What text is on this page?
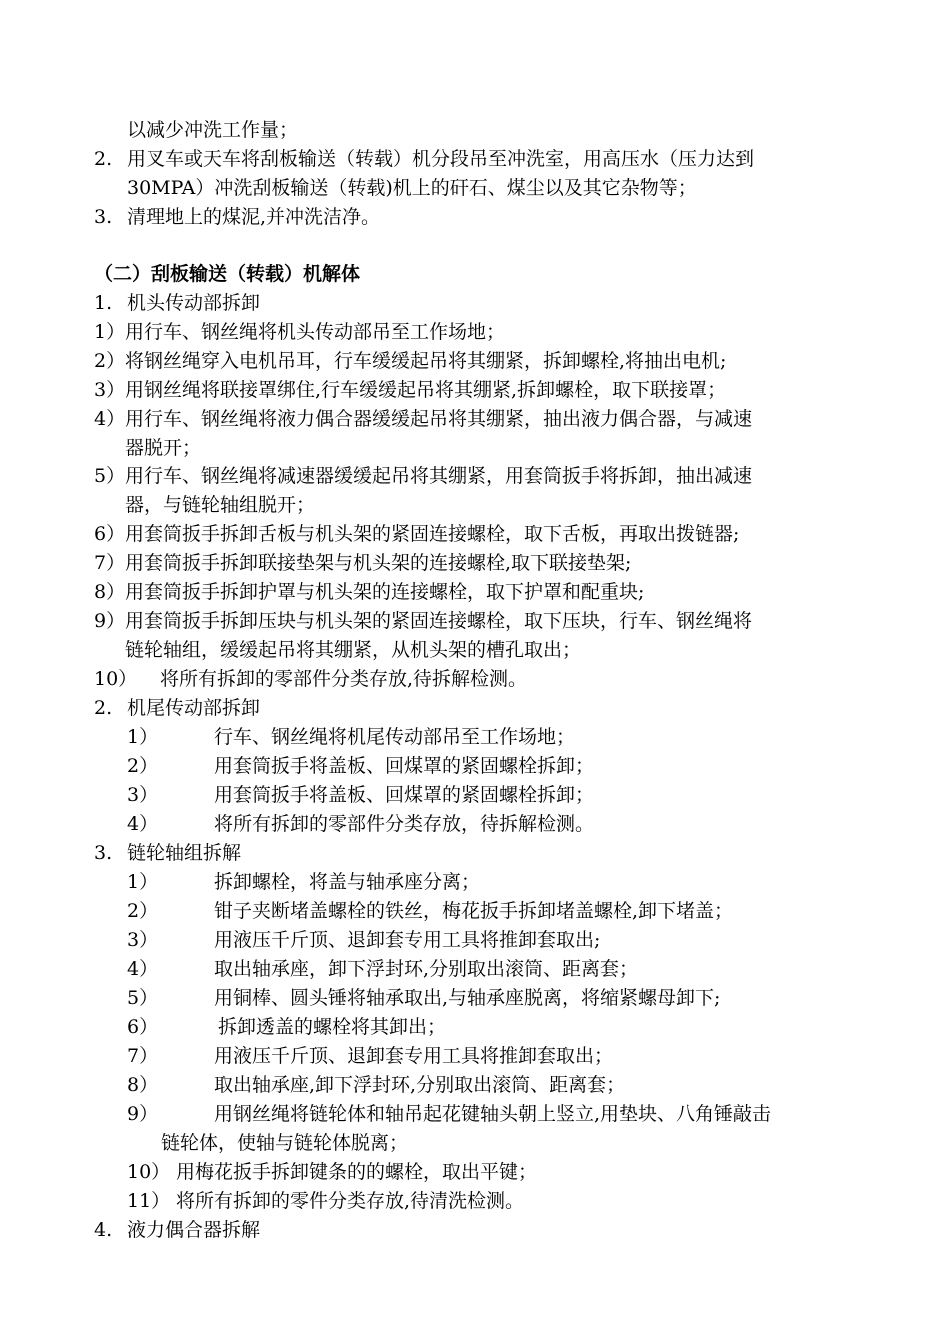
以减少冲洗工作量；
2. 用叉车或天车将刮板输送（转载）机分段吊至冲洗室，用高压水（压力达到
30MPA）冲洗刮板输送（转载)机上的矸石、煤尘以及其它杂物等；
3. 清理地上的煤泥,并冲洗洁净。
（二）刮板输送（转载）机解体
1. 机头传动部拆卸
1） 用行车、钢丝绳将机头传动部吊至工作场地；
2） 将钢丝绳穿入电机吊耳，行车缓缓起吊将其绷紧，拆卸螺栓,将抽出电机;
3） 用钢丝绳将联接罩绑住,行车缓缓起吊将其绷紧,拆卸螺栓，取下联接罩；
4） 用行车、钢丝绳将液力偶合器缓缓起吊将其绷紧，抽出液力偶合器，与减速
器脱开；
5） 用行车、钢丝绳将减速器缓缓起吊将其绷紧，用套筒扳手将拆卸，抽出减速
器，与链轮轴组脱开；
6） 用套筒扳手拆卸舌板与机头架的紧固连接螺栓，取下舌板，再取出拨链器;
7） 用套筒扳手拆卸联接垫架与机头架的连接螺栓,取下联接垫架;
8） 用套筒扳手拆卸护罩与机头架的连接螺栓，取下护罩和配重块;
9） 用套筒扳手拆卸压块与机头架的紧固连接螺栓，取下压块，行车、钢丝绳将
链轮轴组，缓缓起吊将其绷紧，从机头架的槽孔取出；
10） 将所有拆卸的零部件分类存放,待拆解检测。
2. 机尾传动部拆卸
1）	行车、钢丝绳将机尾传动部吊至工作场地；
2）	用套筒扳手将盖板、回煤罩的紧固螺栓拆卸；
3）	用套筒扳手将盖板、回煤罩的紧固螺栓拆卸；
4）	将所有拆卸的零部件分类存放，待拆解检测。
3. 链轮轴组拆解
1）	拆卸螺栓，将盖与轴承座分离；
2）	钳子夹断堵盖螺栓的铁丝，梅花扳手拆卸堵盖螺栓,卸下堵盖；
3）	用液压千斤顶、退卸套专用工具将推卸套取出;
4）	取出轴承座，卸下浮封环,分别取出滚筒、距离套；
5）	用铜棒、圆头锤将轴承取出,与轴承座脱离，将缩紧螺母卸下;
6）	拆卸透盖的螺栓将其卸出；
7）	用液压千斤顶、退卸套专用工具将推卸套取出；
8）	取出轴承座,卸下浮封环,分别取出滚筒、距离套；
9）	用钢丝绳将链轮体和轴吊起花键轴头朝上竖立,用垫块、八角锤敲击
链轮体，使轴与链轮体脱离；
10） 用梅花扳手拆卸键条的的螺栓，取出平键；
11） 将所有拆卸的零件分类存放,待清洗检测。
4. 液力偶合器拆解
